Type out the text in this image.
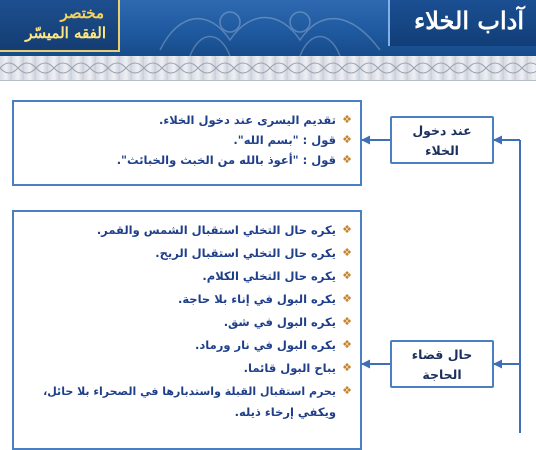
مختصر
الفقه الميسّر	آداب الخلاء
❖
تقديم اليسرى عند دخول الخلاء.
❖
قول : "بسم الله".
❖
قول : "أعوذ بالله من الخبث والخبائث".
عند دخول
الخلاء
❖
يكره حال التخلي استقبال الشمس والقمر.
❖
يكره حال التخلي استقبال الريح.
❖
يكره حال التخلي الكلام.
❖
يكره البول في إناء بلا حاجة.
❖
يكره البول في شق.
❖
يكره البول في نار ورماد.
❖
يباح البول قائما.
❖
يحرم استقبال القبلة واستدبارها في الصحراء بلا حائل،
ويكفي إرخاء ذيله.
حال قضاء
الحاجة
